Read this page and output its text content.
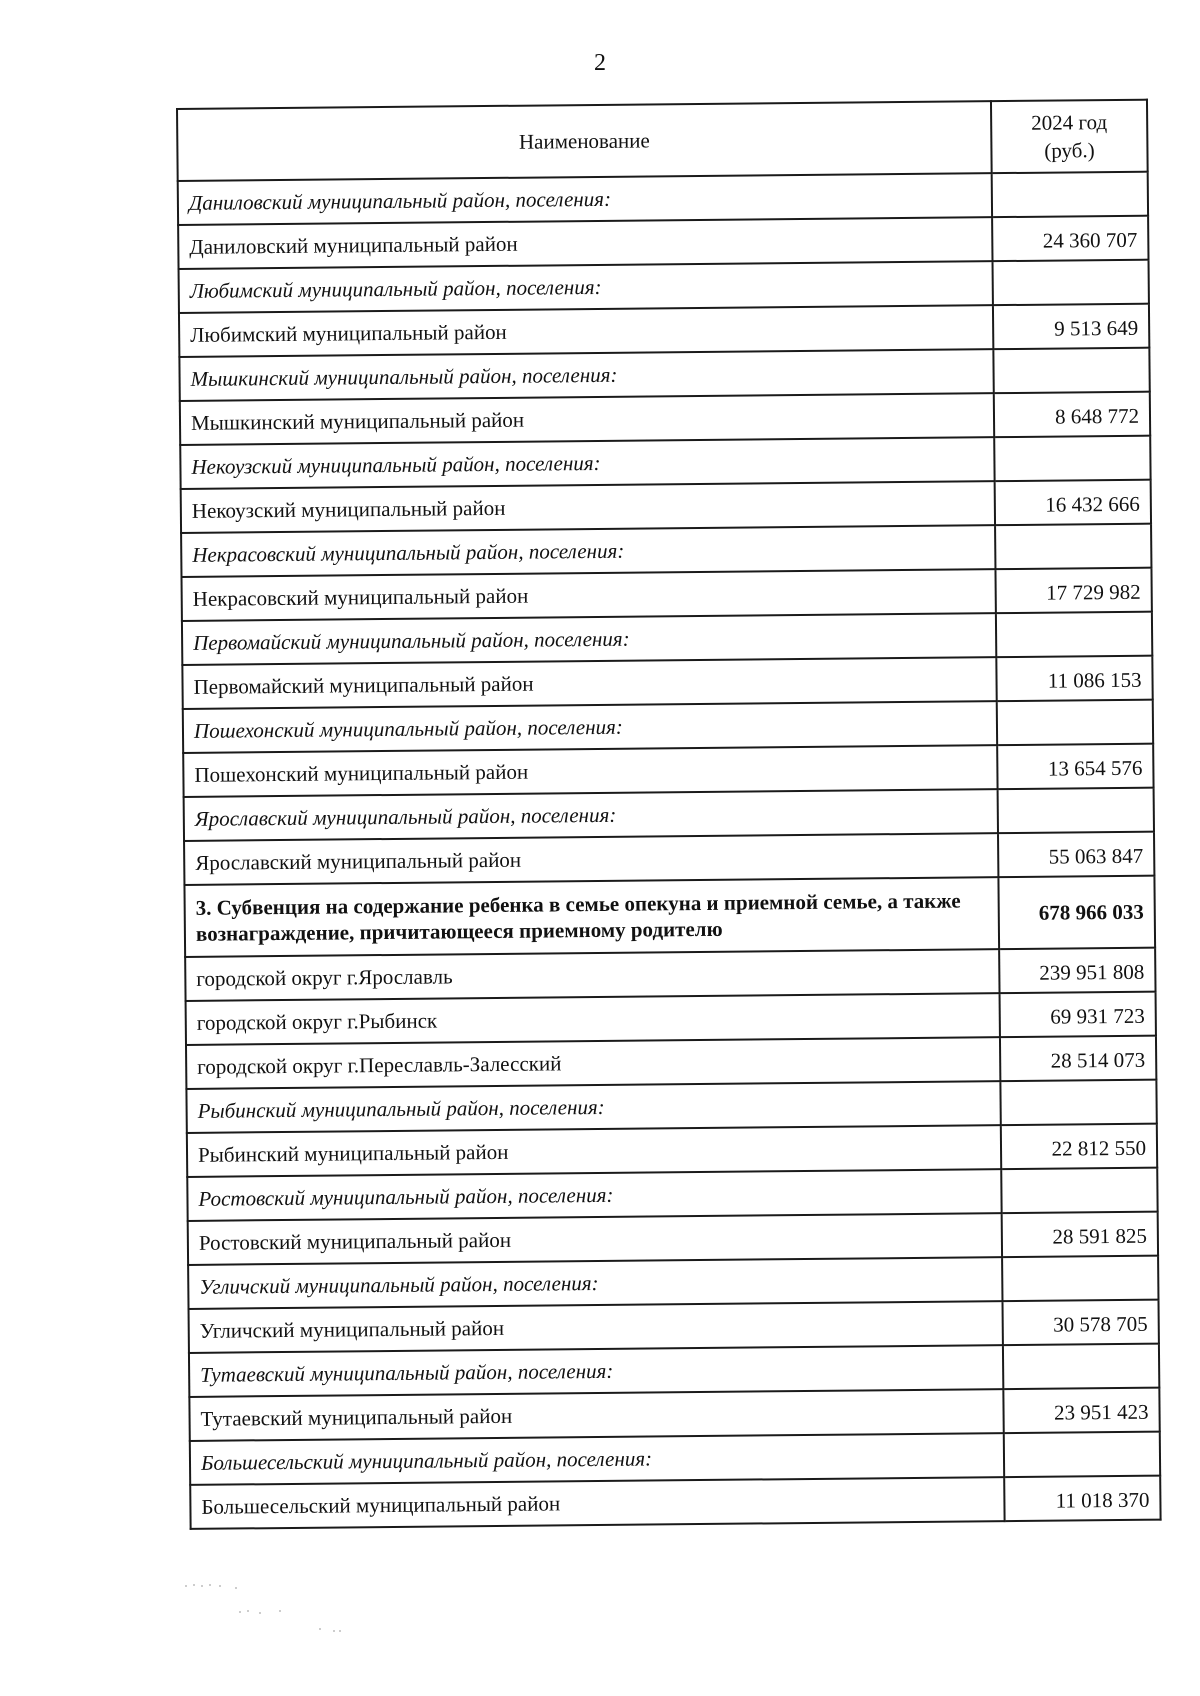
2
Наименование	2024 год
(руб.)
Даниловский муниципальный район, поселения:	
Даниловский муниципальный район	24 360 707
Любимский муниципальный район, поселения:	
Любимский муниципальный район	9 513 649
Мышкинский муниципальный район, поселения:	
Мышкинский муниципальный район	8 648 772
Некоузский муниципальный район, поселения:	
Некоузский муниципальный район	16 432 666
Некрасовский муниципальный район, поселения:	
Некрасовский муниципальный район	17 729 982
Первомайский муниципальный район, поселения:	
Первомайский муниципальный район	11 086 153
Пошехонский муниципальный район, поселения:	
Пошехонский муниципальный район	13 654 576
Ярославский муниципальный район, поселения:	
Ярославский муниципальный район	55 063 847
3. Субвенция на содержание ребенка в семье опекуна и приемной семье, а также вознаграждение, причитающееся приемному родителю	678 966 033
городской округ г.Ярославль	239 951 808
городской округ г.Рыбинск	69 931 723
городской округ г.Переславль-Залесский	28 514 073
Рыбинский муниципальный район, поселения:	
Рыбинский муниципальный район	22 812 550
Ростовский муниципальный район, поселения:	
Ростовский муниципальный район	28 591 825
Угличский муниципальный район, поселения:	
Угличский муниципальный район	30 578 705
Тутаевский муниципальный район, поселения:	
Тутаевский муниципальный район	23 951 423
Большесельский муниципальный район, поселения:	
Большесельский муниципальный район	11 018 370
